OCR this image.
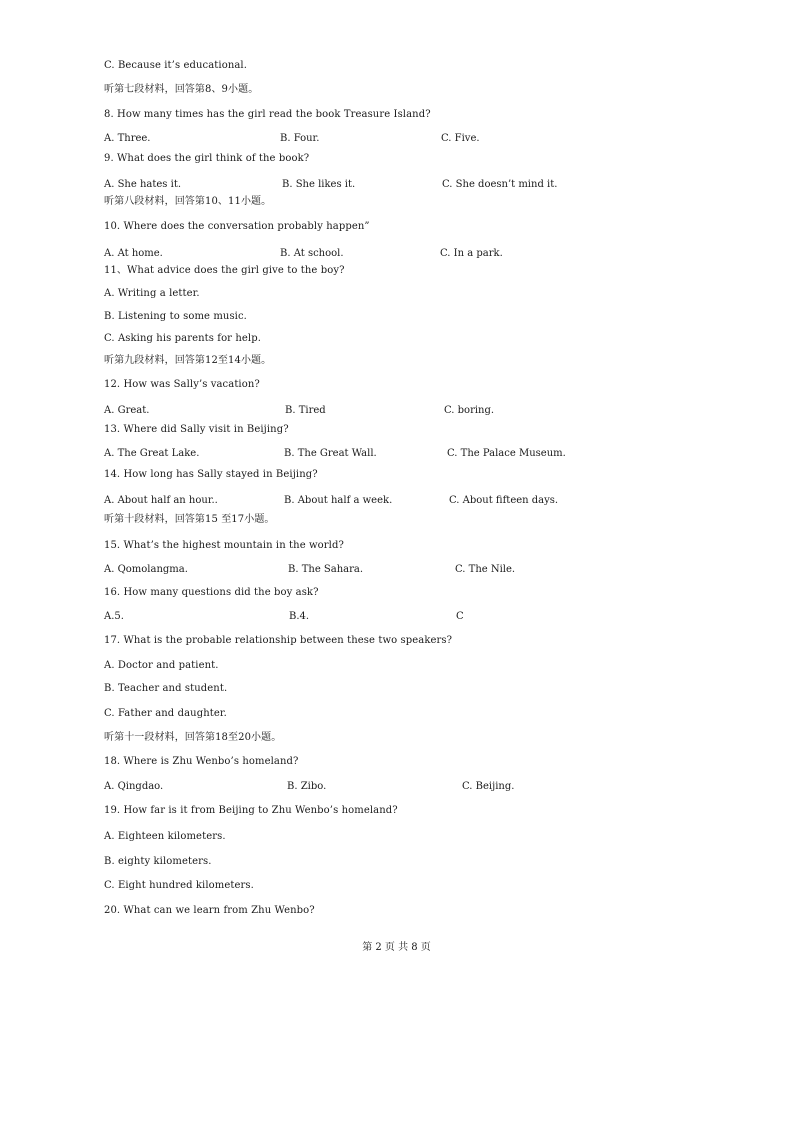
C. Because it’s educational.
听第七段材料，回答第8、9小题。
8. How many times has the girl read the book Treasure Island?
A. Three.	B. Four.	C. Five.
9. What does the girl think of the book?
A. She hates it.	B. She likes it.	C. She doesn’t mind it.
听第八段材料，回答第10、11小题。
10. Where does the conversation probably happen”
A. At home.	B. At school.	C. In a park.
11、What advice does the girl give to the boy?
A. Writing a letter.
B. Listening to some music.
C. Asking his parents for help.
听第九段材料，回答第12至14小题。
12. How was Sally’s vacation?
A. Great.	B. Tired	C. boring.
13. Where did Sally visit in Beijing?
A. The Great Lake.	B. The Great Wall.	C. The Palace Museum.
14. How long has Sally stayed in Beijing?
A. About half an hour..	B. About half a week.	C. About fifteen days.
听第十段材料，回答第15 至17小题。
15. What’s the highest mountain in the world?
A. Qomolangma.	B. The Sahara.	C. The Nile.
16. How many questions did the boy ask?
A.5.	B.4.	C
17. What is the probable relationship between these two speakers?
A. Doctor and patient.
B. Teacher and student.
C. Father and daughter.
听第十一段材料，回答第18至20小题。
18. Where is Zhu Wenbo’s homeland?
A. Qingdao.	B. Zibo.	C. Beijing.
19. How far is it from Beijing to Zhu Wenbo’s homeland?
A. Eighteen kilometers.
B. eighty kilometers.
C. Eight hundred kilometers.
20. What can we learn from Zhu Wenbo?
第 2 页 共 8 页
